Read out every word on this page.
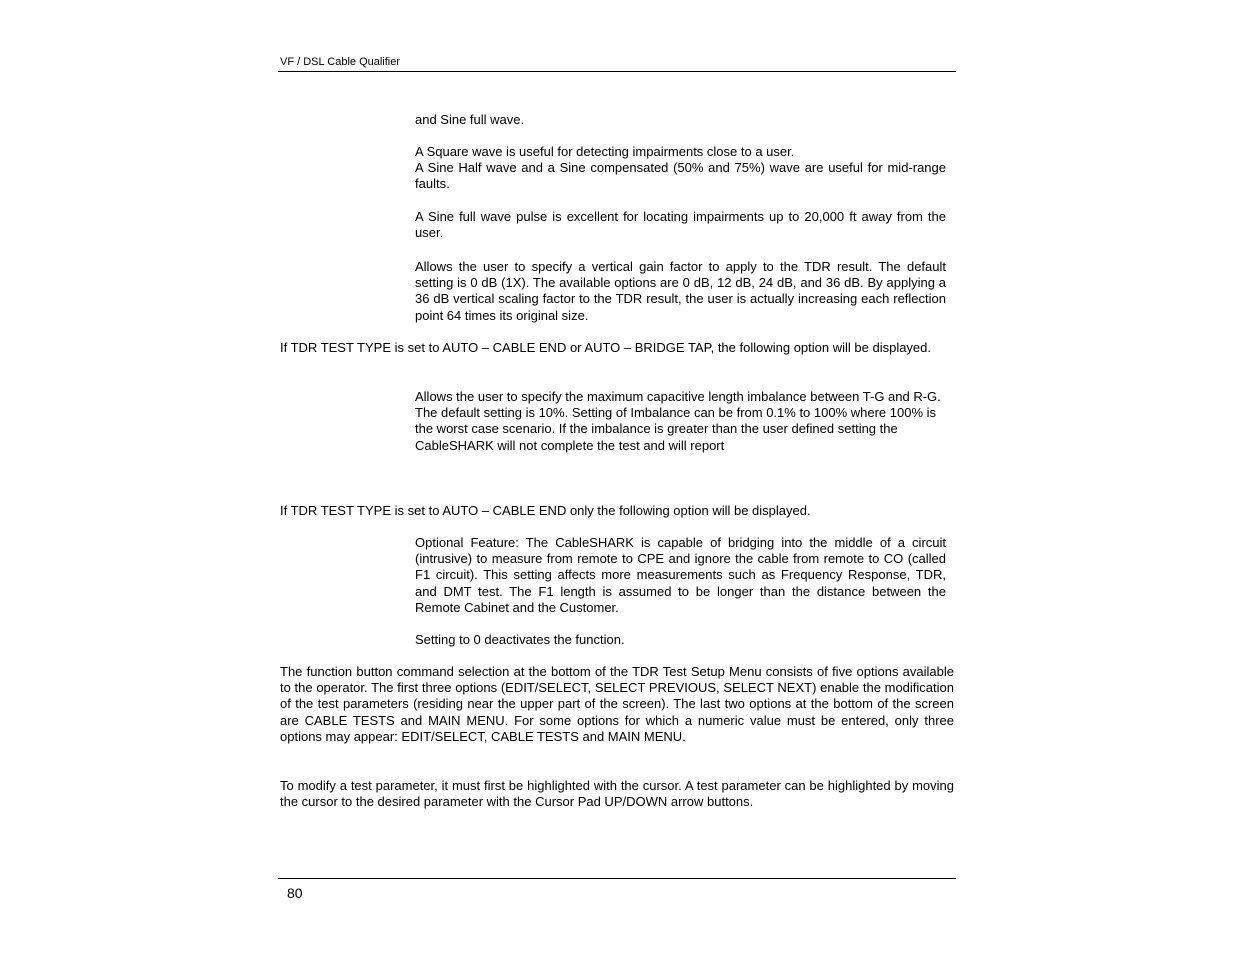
VF / DSL Cable Qualifier

and Sine full wave.

A Square wave is useful for detecting impairments close to a user.

A Sine Half wave and a Sine compensated (50% and 75%) wave are useful for mid-range faults.

A Sine full wave pulse is excellent for locating impairments up to 20,000 ft away from the user.

Allows the user to specify a vertical gain factor to apply to the TDR result. The default setting is 0 dB (1X). The available options are 0 dB, 12 dB, 24 dB, and 36 dB. By applying a 36 dB vertical scaling factor to the TDR result, the user is actually increasing each reflection point 64 times its original size.

If TDR TEST TYPE is set to AUTO – CABLE END or AUTO – BRIDGE TAP, the following option will be displayed.

Allows the user to specify the maximum capacitive length imbalance between T-G and R-G. The default setting is 10%. Setting of Imbalance can be from 0.1% to 100% where 100% is the worst case scenario. If the imbalance is greater than the user defined setting the CableSHARK will not complete the test and will report

If TDR TEST TYPE is set to AUTO – CABLE END only the following option will be displayed.

Optional Feature: The CableSHARK is capable of bridging into the middle of a circuit (intrusive) to measure from remote to CPE and ignore the cable from remote to CO (called F1 circuit). This setting affects more measurements such as Frequency Response, TDR, and DMT test. The F1 length is assumed to be longer than the distance between the Remote Cabinet and the Customer.

Setting to 0 deactivates the function.

The function button command selection at the bottom of the TDR Test Setup Menu consists of five options available to the operator. The first three options (EDIT/SELECT, SELECT PREVIOUS, SELECT NEXT) enable the modification of the test parameters (residing near the upper part of the screen). The last two options at the bottom of the screen are CABLE TESTS and MAIN MENU. For some options for which a numeric value must be entered, only three options may appear: EDIT/SELECT, CABLE TESTS and MAIN MENU.

To modify a test parameter, it must first be highlighted with the cursor. A test parameter can be highlighted by moving the cursor to the desired parameter with the Cursor Pad UP/DOWN arrow buttons.

80
